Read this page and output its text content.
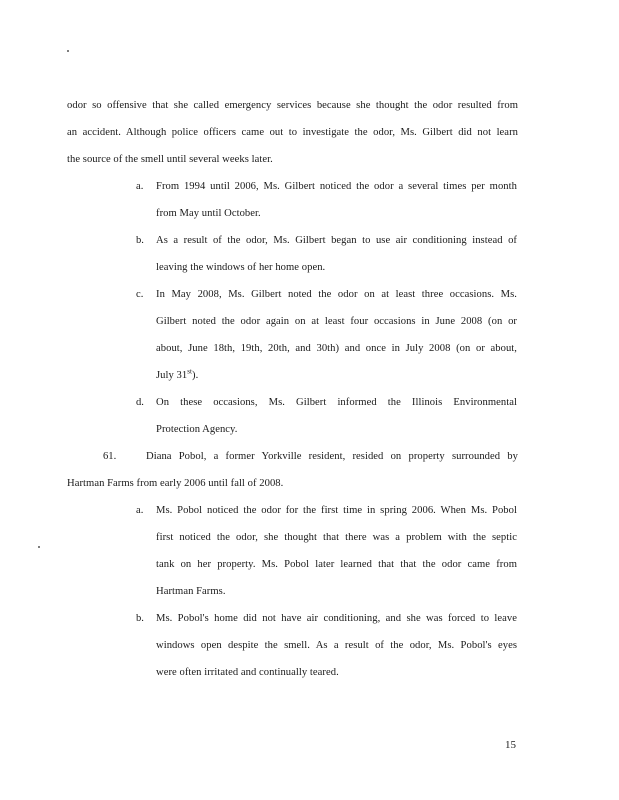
odor so offensive that she called emergency services because she thought the odor resulted from
an accident. Although police officers came out to investigate the odor, Ms. Gilbert did not learn
the source of the smell until several weeks later.
a. From 1994 until 2006, Ms. Gilbert noticed the odor a several times per month
from May until October.
b. As a result of the odor, Ms. Gilbert began to use air conditioning instead of
leaving the windows of her home open.
c. In May 2008, Ms. Gilbert noted the odor on at least three occasions. Ms.
Gilbert noted the odor again on at least four occasions in June 2008 (on or
about, June 18th, 19th, 20th, and 30th) and once in July 2008 (on or about,
July 31st).
d. On these occasions, Ms. Gilbert informed the Illinois Environmental
Protection Agency.
61.	Diana Pobol, a former Yorkville resident, resided on property surrounded by
Hartman Farms from early 2006 until fall of 2008.
a. Ms. Pobol noticed the odor for the first time in spring 2006. When Ms. Pobol
first noticed the odor, she thought that there was a problem with the septic
tank on her property. Ms. Pobol later learned that that the odor came from
Hartman Farms.
b. Ms. Pobol's home did not have air conditioning, and she was forced to leave
windows open despite the smell. As a result of the odor, Ms. Pobol's eyes
were often irritated and continually teared.
15
